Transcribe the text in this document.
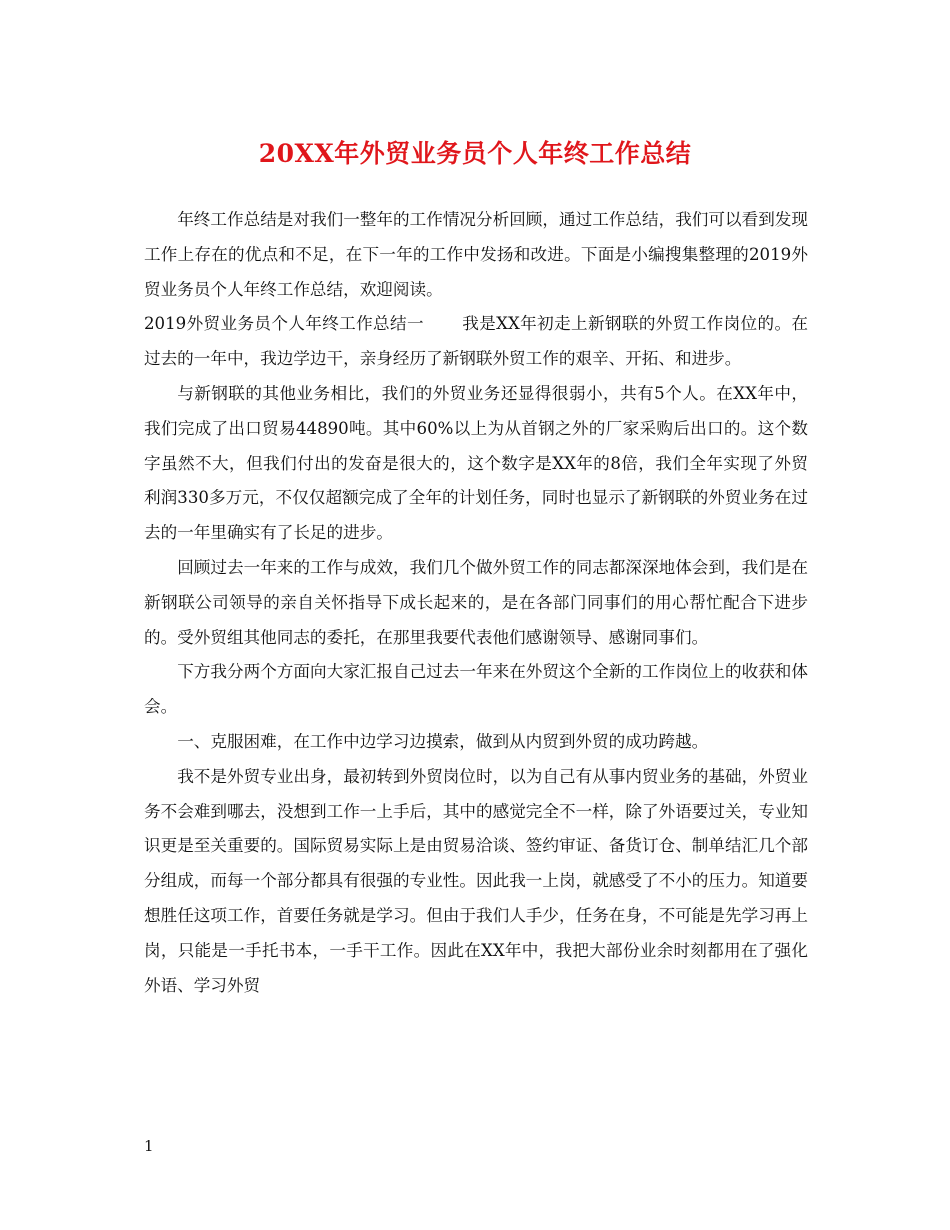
20XX年外贸业务员个人年终工作总结

年终工作总结是对我们一整年的工作情况分析回顾，通过工作总结，我们可以看到发现工作上存在的优点和不足，在下一年的工作中发扬和改进。下面是小编搜集整理的2019外贸业务员个人年终工作总结，欢迎阅读。

2019外贸业务员个人年终工作总结一 我是XX年初走上新钢联的外贸工作岗位的。在过去的一年中，我边学边干，亲身经历了新钢联外贸工作的艰辛、开拓、和进步。

与新钢联的其他业务相比，我们的外贸业务还显得很弱小，共有5个人。在XX年中，我们完成了出口贸易44890吨。其中60%以上为从首钢之外的厂家采购后出口的。这个数字虽然不大，但我们付出的发奋是很大的，这个数字是XX年的8倍，我们全年实现了外贸利润330多万元，不仅仅超额完成了全年的计划任务，同时也显示了新钢联的外贸业务在过去的一年里确实有了长足的进步。

回顾过去一年来的工作与成效，我们几个做外贸工作的同志都深深地体会到，我们是在新钢联公司领导的亲自关怀指导下成长起来的，是在各部门同事们的用心帮忙配合下进步的。受外贸组其他同志的委托，在那里我要代表他们感谢领导、感谢同事们。

下方我分两个方面向大家汇报自己过去一年来在外贸这个全新的工作岗位上的收获和体会。

一、克服困难，在工作中边学习边摸索，做到从内贸到外贸的成功跨越。

我不是外贸专业出身，最初转到外贸岗位时，以为自己有从事内贸业务的基础，外贸业务不会难到哪去，没想到工作一上手后，其中的感觉完全不一样，除了外语要过关，专业知识更是至关重要的。国际贸易实际上是由贸易洽谈、签约审证、备货订仓、制单结汇几个部分组成，而每一个部分都具有很强的专业性。因此我一上岗，就感受了不小的压力。知道要想胜任这项工作，首要任务就是学习。但由于我们人手少，任务在身，不可能是先学习再上岗，只能是一手托书本，一手干工作。因此在XX年中，我把大部份业余时刻都用在了强化外语、学习外贸

1
